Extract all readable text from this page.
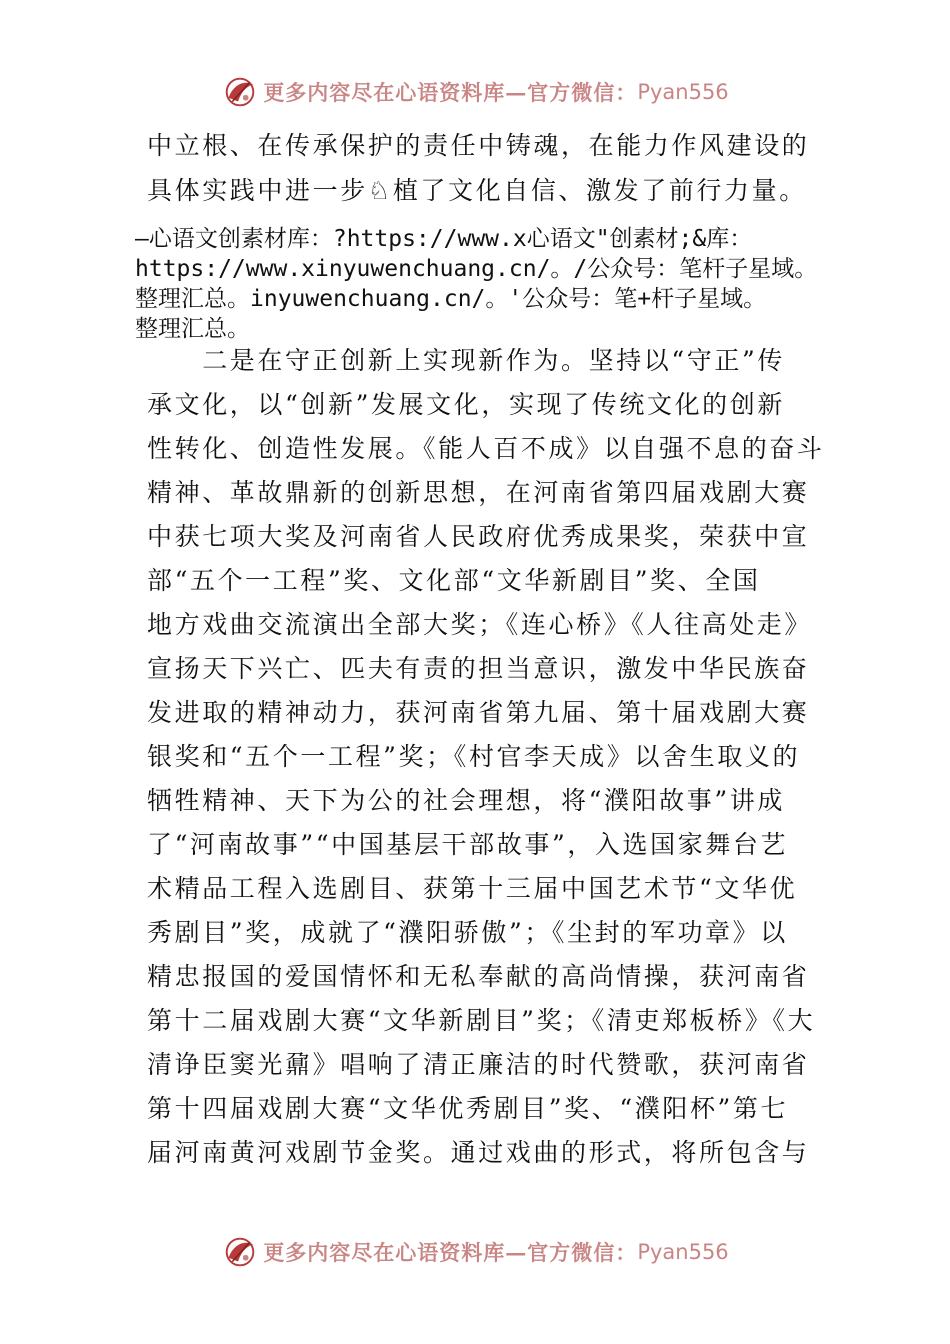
更多内容尽在心语资料库—官方微信： Pyan556
中立根、在传承保护的责任中铸魂，在能力作风建设的
具体实践中进一步♘植了文化自信、激发了前行力量。
—心语文创素材库：?https://www.x心语文"创素材;&库：
https://www.xinyuwenchuang.cn/。/公众号：笔杆子星域。
整理汇总。inyuwenchuang.cn/。'公众号：笔+杆子星域。
整理汇总。
　　二是在守正创新上实现新作为。坚持以“守正”传
承文化，以“创新”发展文化，实现了传统文化的创新
性转化、创造性发展。《能人百不成》以自强不息的奋斗
精神、革故鼎新的创新思想，在河南省第四届戏剧大赛
中获七项大奖及河南省人民政府优秀成果奖，荣获中宣
部“五个一工程”奖、文化部“文华新剧目”奖、全国
地方戏曲交流演出全部大奖；《连心桥》《人往高处走》
宣扬天下兴亡、匹夫有责的担当意识，激发中华民族奋
发进取的精神动力，获河南省第九届、第十届戏剧大赛
银奖和“五个一工程”奖；《村官李天成》以舍生取义的
牺牲精神、天下为公的社会理想，将“濮阳故事”讲成
了“河南故事”“中国基层干部故事”，入选国家舞台艺
术精品工程入选剧目、获第十三届中国艺术节“文华优
秀剧目”奖，成就了“濮阳骄傲”；《尘封的军功章》以
精忠报国的爱国情怀和无私奉献的高尚情操，获河南省
第十二届戏剧大赛“文华新剧目”奖；《清吏郑板桥》《大
清诤臣窦光鼐》唱响了清正廉洁的时代赞歌，获河南省
第十四届戏剧大赛“文华优秀剧目”奖、“濮阳杯”第七
届河南黄河戏剧节金奖。通过戏曲的形式，将所包含与
更多内容尽在心语资料库—官方微信： Pyan556
